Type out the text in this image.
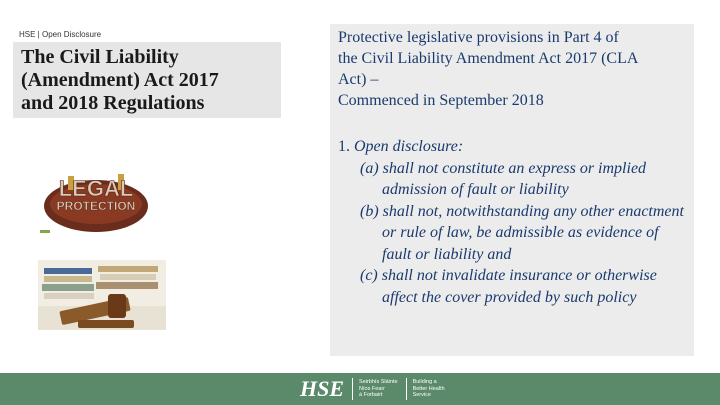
HSE | Open Disclosure

The Civil Liability
(Amendment) Act 2017
and 2018 Regulations

LEGAL
PROTECTION

Protective legislative provisions in Part 4 of
the Civil Liability Amendment Act 2017 (CLA
Act) –
Commenced in September 2018

1. Open disclosure:

(a) shall not constitute an express or implied admission of fault or liability

(b) shall not, notwithstanding any other enactment or rule of law, be admissible as evidence of fault or liability and

(c) shall not invalidate insurance or otherwise affect the cover provided by such policy

HSE	Seirbhís Sláinte
Níos Fearr
á Forbairt
Building a
Better Health
Service
